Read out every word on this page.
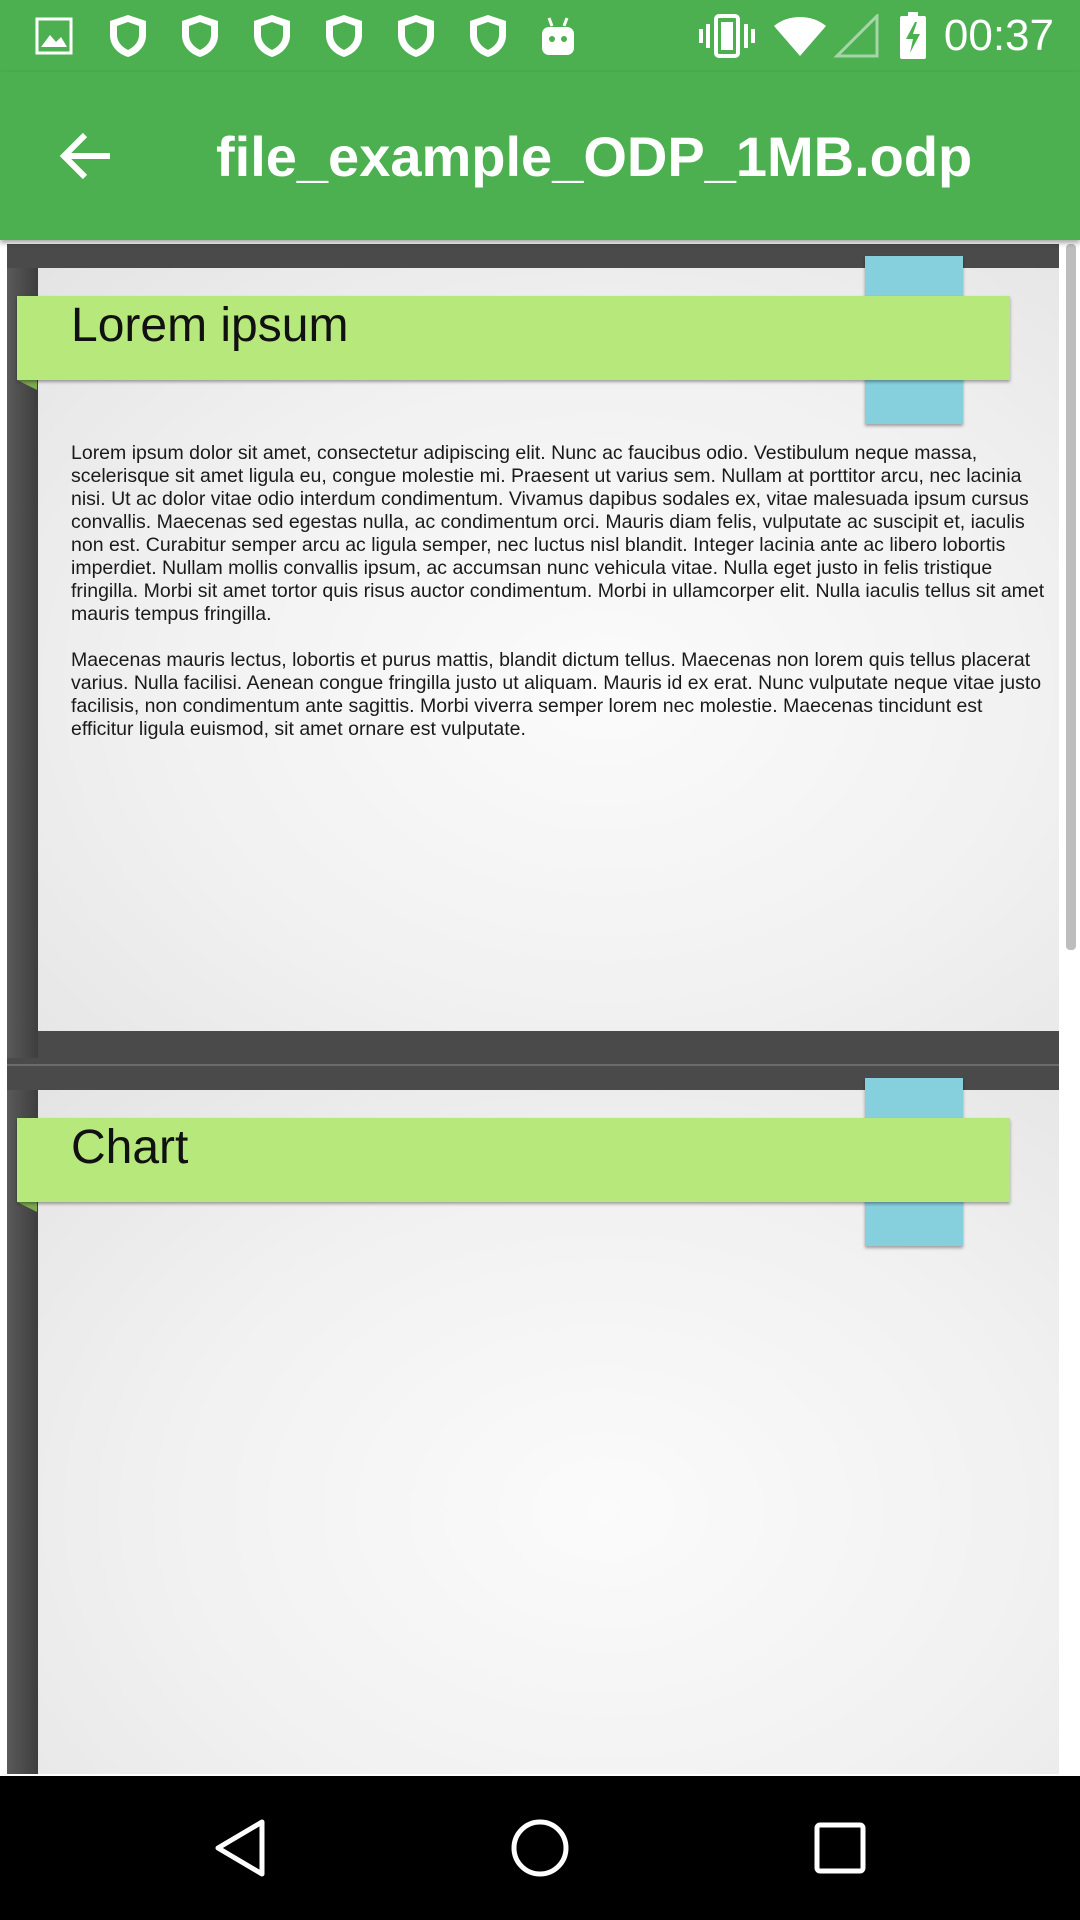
00:37
file_example_ODP_1MB.odp
Lorem ipsum

Lorem ipsum dolor sit amet, consectetur adipiscing elit. Nunc ac faucibus odio. Vestibulum neque massa, scelerisque sit amet ligula eu, congue molestie mi. Praesent ut varius sem. Nullam at porttitor arcu, nec lacinia nisi. Ut ac dolor vitae odio interdum condimentum. Vivamus dapibus sodales ex, vitae malesuada ipsum cursus convallis. Maecenas sed egestas nulla, ac condimentum orci. Mauris diam felis, vulputate ac suscipit et, iaculis non est. Curabitur semper arcu ac ligula semper, nec luctus nisl blandit. Integer lacinia ante ac libero lobortis imperdiet. Nullam mollis convallis ipsum, ac accumsan nunc vehicula vitae. Nulla eget justo in felis tristique fringilla. Morbi sit amet tortor quis risus auctor condimentum. Morbi in ullamcorper elit. Nulla iaculis tellus sit amet mauris tempus fringilla.

Maecenas mauris lectus, lobortis et purus mattis, blandit dictum tellus. Maecenas non lorem quis tellus placerat varius. Nulla facilisi. Aenean congue fringilla justo ut aliquam. Mauris id ex erat. Nunc vulputate neque vitae justo facilisis, non condimentum ante sagittis. Morbi viverra semper lorem nec molestie. Maecenas tincidunt est efficitur ligula euismod, sit amet ornare est vulputate.

Chart
